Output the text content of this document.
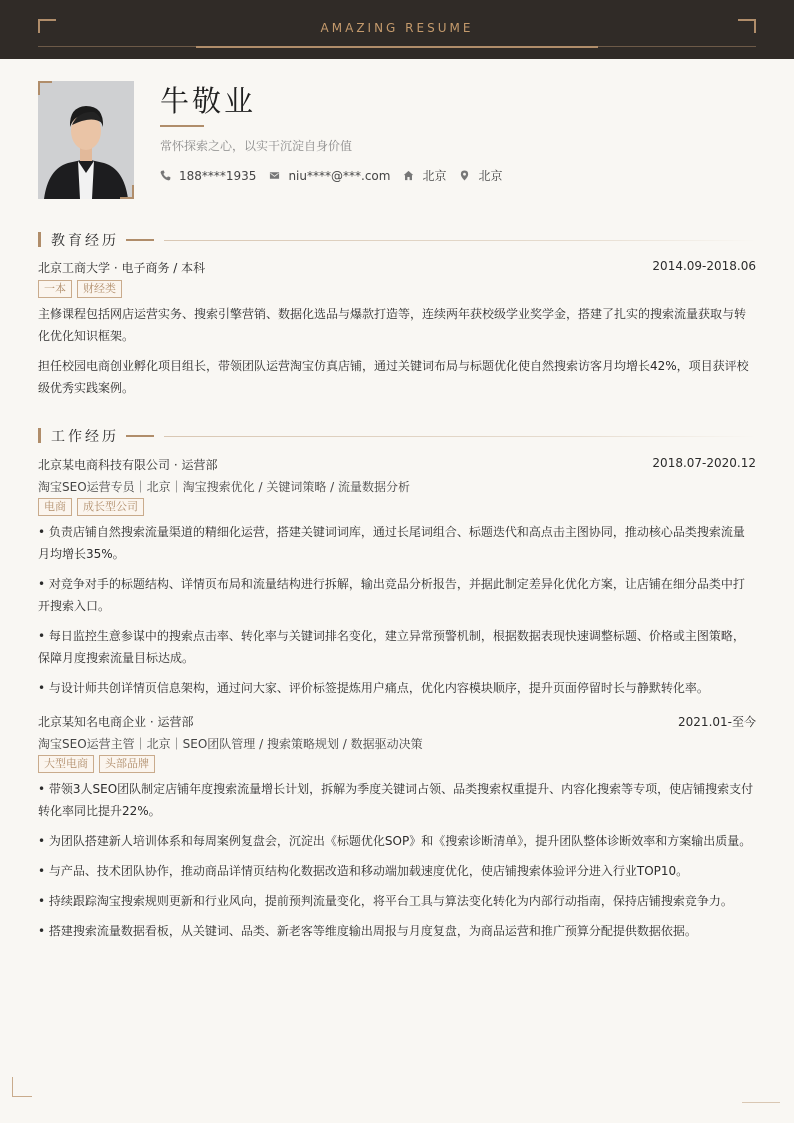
AMAZING RESUME
牛敬业
常怀探索之心，以实干沉淀自身价值
188****1935	niu****@***.com	北京	北京
教育经历
北京工商大学 · 电子商务 / 本科	2014.09-2018.06
一本	财经类
主修课程包括网店运营实务、搜索引擎营销、数据化选品与爆款打造等，连续两年获校级学业奖学金，搭建了扎实的搜索流量获取与转化优化知识框架。
担任校园电商创业孵化项目组长，带领团队运营淘宝仿真店铺，通过关键词布局与标题优化使自然搜索访客月均增长42%，项目获评校级优秀实践案例。
工作经历
北京某电商科技有限公司 · 运营部	2018.07-2020.12
淘宝SEO运营专员｜北京｜淘宝搜索优化 / 关键词策略 / 流量数据分析
电商	成长型公司
• 负责店铺自然搜索流量渠道的精细化运营，搭建关键词词库，通过长尾词组合、标题迭代和高点击主图协同，推动核心品类搜索流量月均增长35%。
• 对竞争对手的标题结构、详情页布局和流量结构进行拆解，输出竞品分析报告，并据此制定差异化优化方案，让店铺在细分品类中打开搜索入口。
• 每日监控生意参谋中的搜索点击率、转化率与关键词排名变化，建立异常预警机制，根据数据表现快速调整标题、价格或主图策略，保障月度搜索流量目标达成。
• 与设计师共创详情页信息架构，通过问大家、评价标签提炼用户痛点，优化内容模块顺序，提升页面停留时长与静默转化率。
北京某知名电商企业 · 运营部	2021.01-至今
淘宝SEO运营主管｜北京｜SEO团队管理 / 搜索策略规划 / 数据驱动决策
大型电商	头部品牌
• 带领3人SEO团队制定店铺年度搜索流量增长计划，拆解为季度关键词占领、品类搜索权重提升、内容化搜索等专项，使店铺搜索支付转化率同比提升22%。
• 为团队搭建新人培训体系和每周案例复盘会，沉淀出《标题优化SOP》和《搜索诊断清单》，提升团队整体诊断效率和方案输出质量。
• 与产品、技术团队协作，推动商品详情页结构化数据改造和移动端加载速度优化，使店铺搜索体验评分进入行业TOP10。
• 持续跟踪淘宝搜索规则更新和行业风向，提前预判流量变化，将平台工具与算法变化转化为内部行动指南，保持店铺搜索竞争力。
• 搭建搜索流量数据看板，从关键词、品类、新老客等维度输出周报与月度复盘，为商品运营和推广预算分配提供数据依据。
